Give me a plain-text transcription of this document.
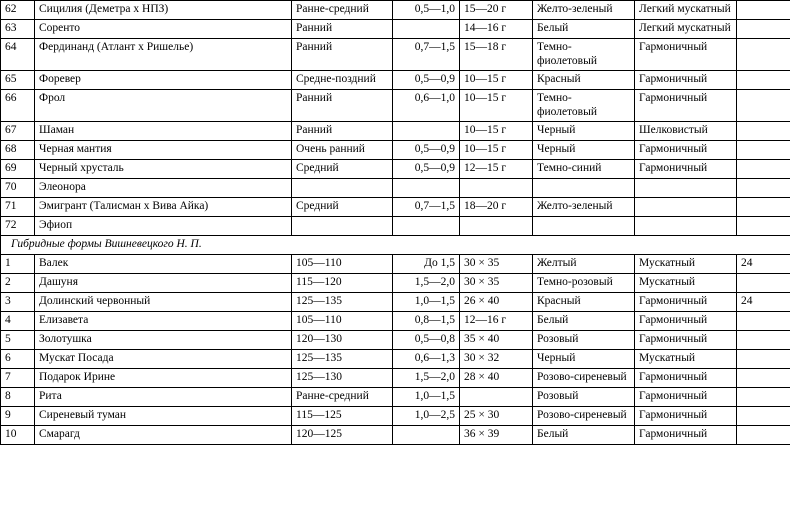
62	Сицилия (Деметра х НПЗ)	Ранне-средний	0,5—1,0	15—20 г	Желто-зеленый	Легкий мускатный	
63	Соренто	Ранний		14—16 г	Белый	Легкий мускатный	
64	Фердинанд (Атлант х Ришелье)	Ранний	0,7—1,5	15—18 г	Темно-фиолетовый	Гармоничный	
65	Форевер	Средне-поздний	0,5—0,9	10—15 г	Красный	Гармоничный	
66	Фрол	Ранний	0,6—1,0	10—15 г	Темно-фиолетовый	Гармоничный	
67	Шаман	Ранний		10—15 г	Черный	Шелковистый	
68	Черная мантия	Очень ранний	0,5—0,9	10—15 г	Черный	Гармоничный	
69	Черный хрусталь	Средний	0,5—0,9	12—15 г	Темно-синий	Гармоничный	
70	Элеонора						
71	Эмигрант (Талисман х Вива Айка)	Средний	0,7—1,5	18—20 г	Желто-зеленый		
72	Эфиоп						
Гибридные формы Вишневецкого Н. П.							
1	Валек	105—110	До 1,5	30 × 35	Желтый	Мускатный	24
2	Дашуня	115—120	1,5—2,0	30 × 35	Темно-розовый	Мускатный	
3	Долинский червонный	125—135	1,0—1,5	26 × 40	Красный	Гармоничный	24
4	Елизавета	105—110	0,8—1,5	12—16 г	Белый	Гармоничный	
5	Золотушка	120—130	0,5—0,8	35 × 40	Розовый	Гармоничный	
6	Мускат Посада	125—135	0,6—1,3	30 × 32	Черный	Мускатный	
7	Подарок Ирине	125—130	1,5—2,0	28 × 40	Розово-сиреневый	Гармоничный	
8	Рита	Ранне-средний	1,0—1,5		Розовый	Гармоничный	
9	Сиреневый туман	115—125	1,0—2,5	25 × 30	Розово-сиреневый	Гармоничный	
10	Смарагд	120—125		36 × 39	Белый	Гармоничный	
